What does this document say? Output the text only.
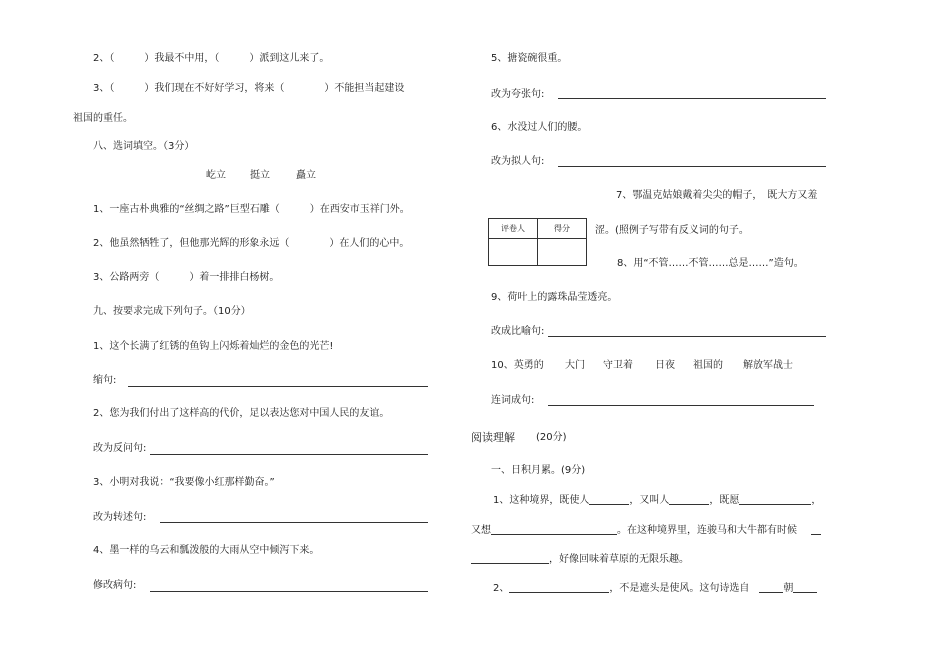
2、（　　　）我最不中用，（　　　）派到这儿来了。
3、（　　　）我们现在不好好学习，将来（　　　　）不能担当起建设
祖国的重任。
八、选词填空。（3分）
屹立 挺立	矗立
1、一座古朴典雅的“丝绸之路”巨型石雕（　　　）在西安市玉祥门外。
2、他虽然牺牲了，但他那光辉的形象永远（　　　　）在人们的心中。
3、公路两旁（　　　）着一排排白杨树。
九、按要求完成下列句子。（10分）
1、这个长满了红锈的鱼钩上闪烁着灿烂的金色的光芒!
缩句:
2、您为我们付出了这样高的代价，足以表达您对中国人民的友谊。
改为反问句:
3、小明对我说：“我要像小红那样勤奋。”
改为转述句:
4、墨一样的乌云和瓢泼般的大雨从空中倾泻下来。
修改病句:
5、搪瓷碗很重。
改为夸张句:
6、水没过人们的腰。
改为拟人句:
7、鄂温克姑娘戴着尖尖的帽子，　既大方又羞
涩。(照例子写带有反义词的句子。
评卷人	得分

8、用“不管……不管……总是……”造句。
9、荷叶上的露珠晶莹透亮。
改成比喻句:
10、英勇的 大门 守卫着 日夜 祖国的 解放军战士
连词成句:
阅读理解 (20分)
一、日积月累。(9分)
1、这种境界，既使人	，又叫人	，既愿	，
又想	。在这种境界里，连骏马和大牛都有时候
，好像回味着草原的无限乐趣。
2、	，不是遮头是使风。这句诗选自	朝
